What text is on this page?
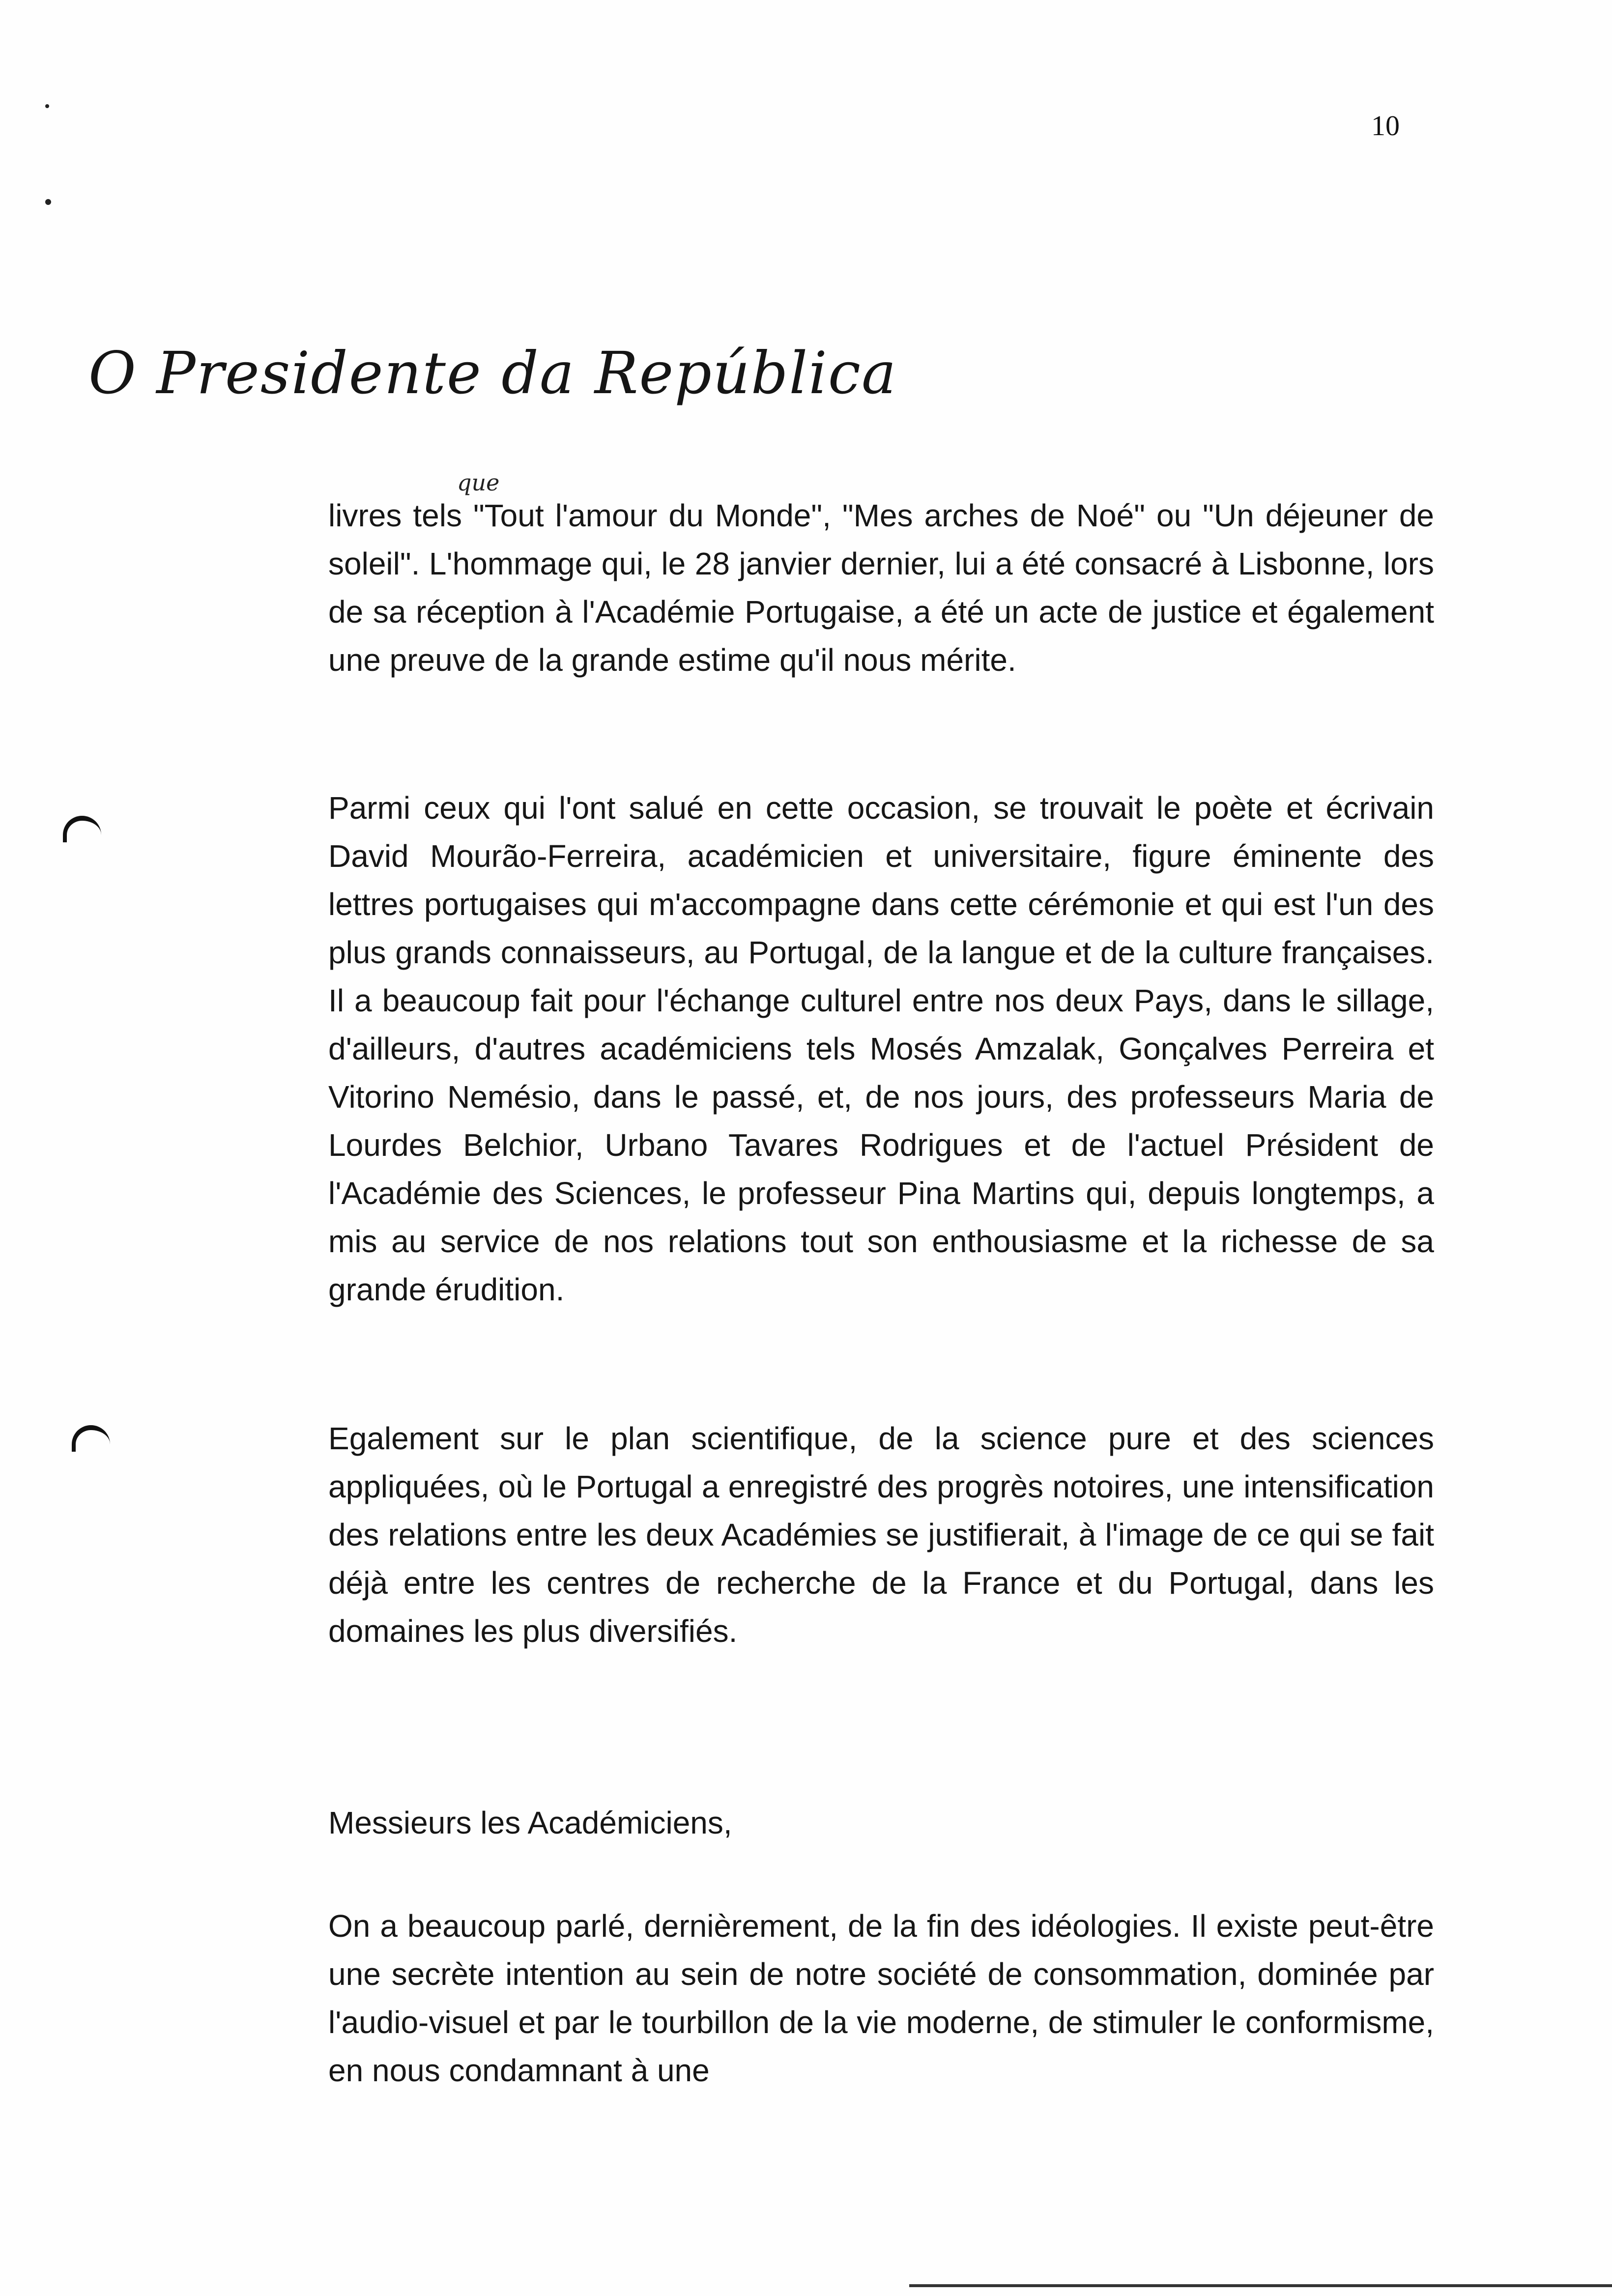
10
O Presidente da República
que

livres tels "Tout l'amour du Monde", "Mes arches de Noé" ou "Un déjeuner de soleil". L'hommage qui, le 28 janvier dernier, lui a été consacré à Lisbonne, lors de sa réception à l'Académie Portugaise, a été un acte de justice et également une preuve de la grande estime qu'il nous mérite.

Parmi ceux qui l'ont salué en cette occasion, se trouvait le poète et écrivain David Mourão-Ferreira, académicien et universitaire, figure éminente des lettres portugaises qui m'accompagne dans cette cérémonie et qui est l'un des plus grands connaisseurs, au Portugal, de la langue et de la culture françaises. Il a beaucoup fait pour l'échange culturel entre nos deux Pays, dans le sillage, d'ailleurs, d'autres académiciens tels Mosés Amzalak, Gonçalves Perreira et Vitorino Nemésio, dans le passé, et, de nos jours, des professeurs Maria de Lourdes Belchior, Urbano Tavares Rodrigues et de l'actuel Président de l'Académie des Sciences, le professeur Pina Martins qui, depuis longtemps, a mis au service de nos relations tout son enthousiasme et la richesse de sa grande érudition.

Egalement sur le plan scientifique, de la science pure et des sciences appliquées, où le Portugal a enregistré des progrès notoires, une intensification des relations entre les deux Académies se justifierait, à l'image de ce qui se fait déjà entre les centres de recherche de la France et du Portugal, dans les domaines les plus diversifiés.

Messieurs les Académiciens,

On a beaucoup parlé, dernièrement, de la fin des idéologies. Il existe peut-être une secrète intention au sein de notre société de consommation, dominée par l'audio-visuel et par le tourbillon de la vie moderne, de stimuler le conformisme, en nous condamnant à une
